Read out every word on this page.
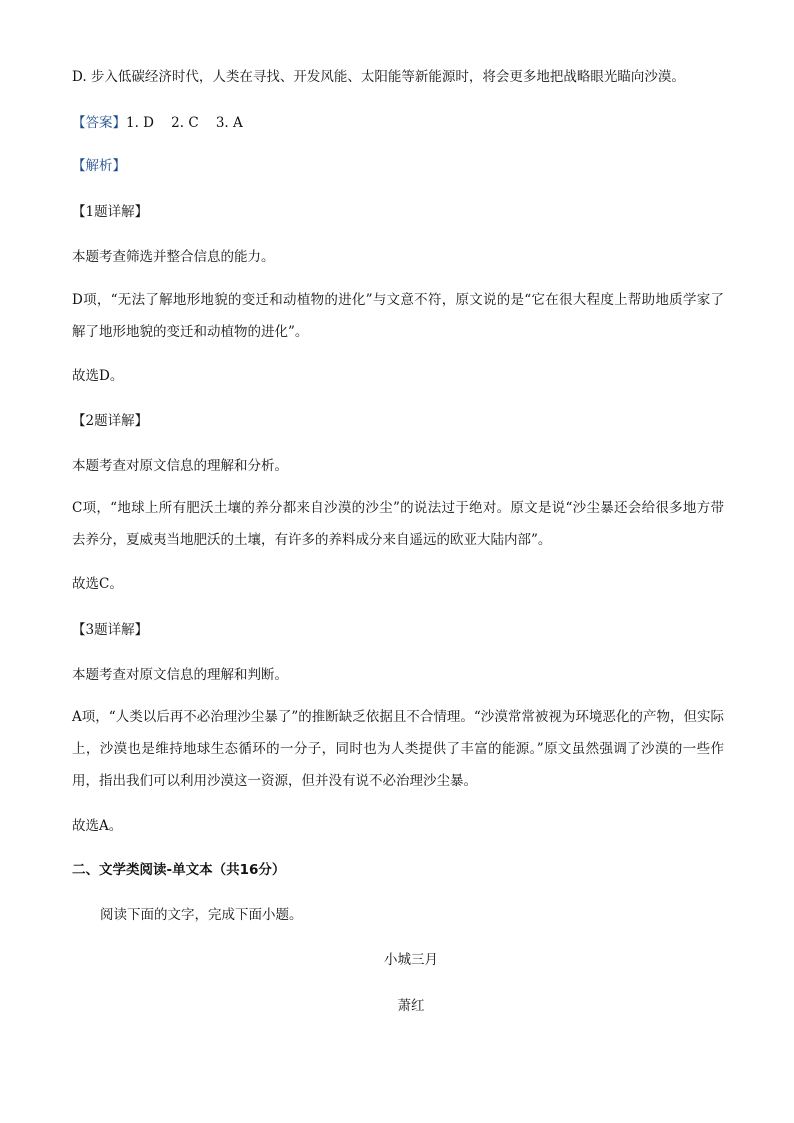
D. 步入低碳经济时代，人类在寻找、开发风能、太阳能等新能源时，将会更多地把战略眼光瞄向沙漠。
【答案】1. D    2. C    3. A
【解析】
【1题详解】
本题考查筛选并整合信息的能力。
D项，“无法了解地形地貌的变迁和动植物的进化”与文意不符，原文说的是“它在很大程度上帮助地质学家了解了地形地貌的变迁和动植物的进化”。
故选D。
【2题详解】
本题考查对原文信息的理解和分析。
C项，“地球上所有肥沃土壤的养分都来自沙漠的沙尘”的说法过于绝对。原文是说“沙尘暴还会给很多地方带去养分，夏威夷当地肥沃的土壤，有许多的养料成分来自遥远的欧亚大陆内部”。
故选C。
【3题详解】
本题考查对原文信息的理解和判断。
A项，“人类以后再不必治理沙尘暴了”的推断缺乏依据且不合情理。“沙漠常常被视为环境恶化的产物，但实际上，沙漠也是维持地球生态循环的一分子，同时也为人类提供了丰富的能源。”原文虽然强调了沙漠的一些作用，指出我们可以利用沙漠这一资源，但并没有说不必治理沙尘暴。
故选A。
二、文学类阅读-单文本（共16分）
阅读下面的文字，完成下面小题。
小城三月
萧红
